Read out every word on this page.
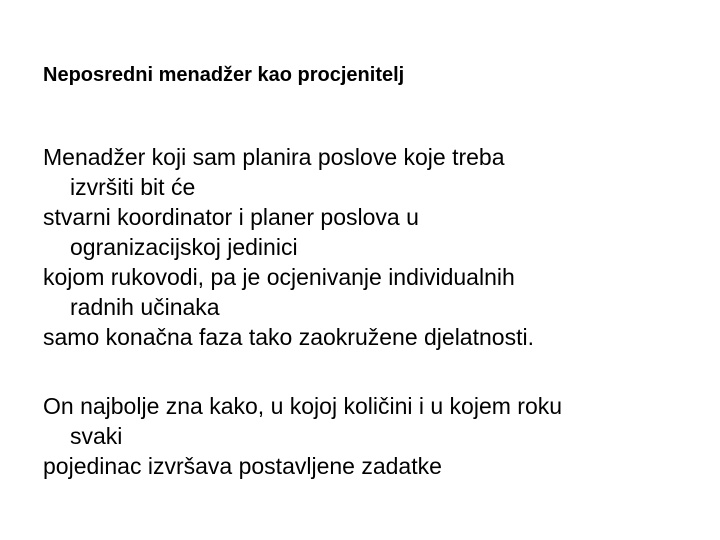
Neposredni menadžer kao procjenitelj
Menadžer koji sam planira poslove koje treba
izvršiti bit će
stvarni koordinator i planer poslova u
ogranizacijskoj jedinici
kojom rukovodi, pa je ocjenivanje individualnih
radnih učinaka
samo konačna faza tako zaokružene djelatnosti.
On najbolje zna kako, u kojoj količini i u kojem roku
svaki
pojedinac izvršava postavljene zadatke
